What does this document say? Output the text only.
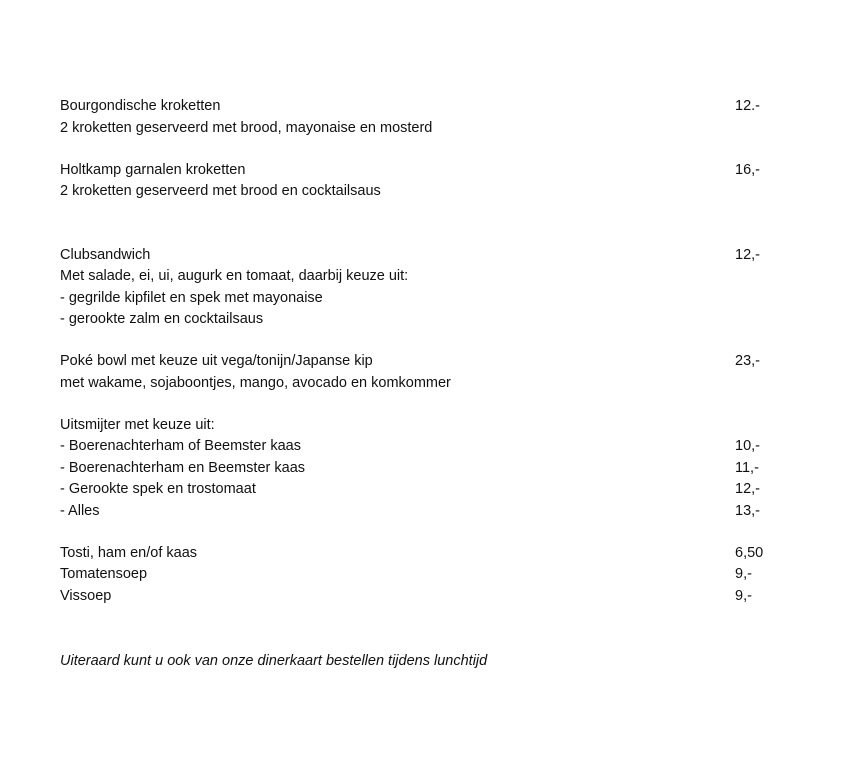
Bourgondische kroketten	12.-
2 kroketten geserveerd met brood, mayonaise en mosterd
Holtkamp garnalen kroketten	16,-
2 kroketten geserveerd met brood en cocktailsaus
Clubsandwich	12,-
Met salade, ei, ui, augurk en tomaat, daarbij keuze uit:
- gegrilde kipfilet en spek met mayonaise
- gerookte zalm en cocktailsaus
Poké bowl met keuze uit vega/tonijn/Japanse kip	23,-
met wakame, sojaboontjes, mango, avocado en komkommer
Uitsmijter met keuze uit:
- Boerenachterham of Beemster kaas	10,-
- Boerenachterham en Beemster kaas	11,-
- Gerookte spek en trostomaat	12,-
- Alles	13,-
Tosti, ham en/of kaas	6,50
Tomatensoep	9,-
Vissoep	9,-
Uiteraard kunt u ook van onze dinerkaart bestellen tijdens lunchtijd
